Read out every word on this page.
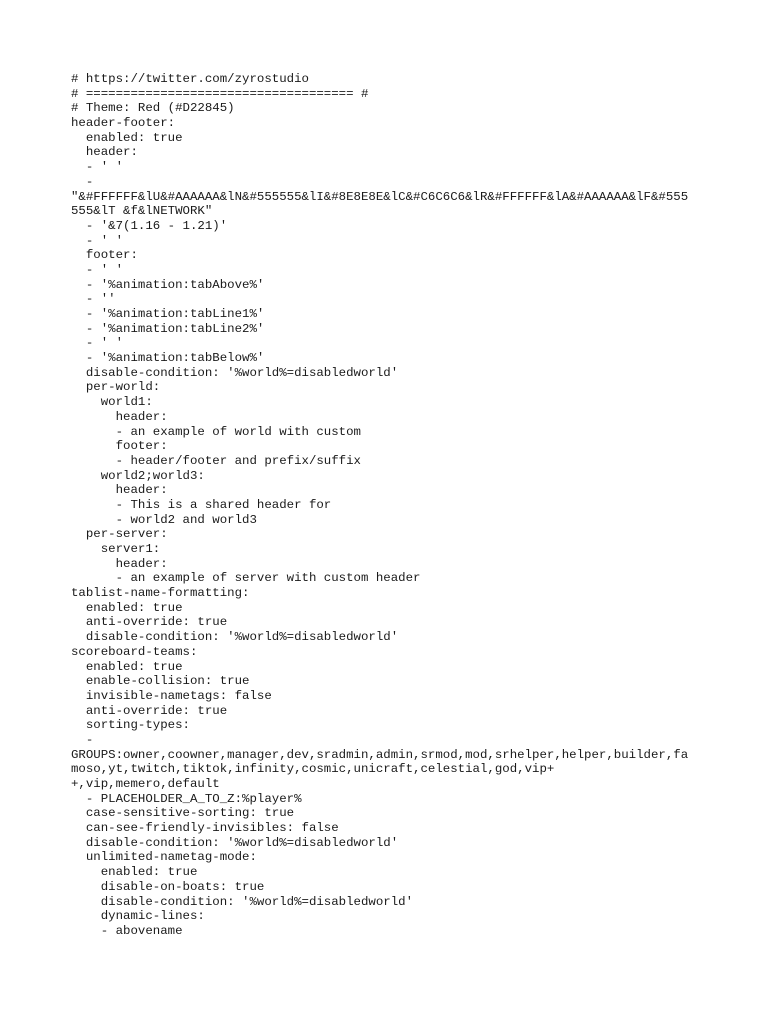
# https://twitter.com/zyrostudio
# ==================================== #
# Theme: Red (#D22845)
header-footer:
enabled: true
header:
- ' '
-
"&#FFFFFF&lU&#AAAAAA&lN&#555555&lI&#8E8E8E&lC&#C6C6C6&lR&#FFFFFF&lA&#AAAAAA&lF&#555
555&lT &f&lNETWORK"
- '&7(1.16 - 1.21)'
- ' '
footer:
- ' '
- '%animation:tabAbove%'
- ''
- '%animation:tabLine1%'
- '%animation:tabLine2%'
- ' '
- '%animation:tabBelow%'
disable-condition: '%world%=disabledworld'
per-world:
world1:
header:
- an example of world with custom
footer:
- header/footer and prefix/suffix
world2;world3:
header:
- This is a shared header for
- world2 and world3
per-server:
server1:
header:
- an example of server with custom header
tablist-name-formatting:
enabled: true
anti-override: true
disable-condition: '%world%=disabledworld'
scoreboard-teams:
enabled: true
enable-collision: true
invisible-nametags: false
anti-override: true
sorting-types:
-
GROUPS:owner,coowner,manager,dev,sradmin,admin,srmod,mod,srhelper,helper,builder,fa
moso,yt,twitch,tiktok,infinity,cosmic,unicraft,celestial,god,vip+
+,vip,memero,default
- PLACEHOLDER_A_TO_Z:%player%
case-sensitive-sorting: true
can-see-friendly-invisibles: false
disable-condition: '%world%=disabledworld'
unlimited-nametag-mode:
enabled: true
disable-on-boats: true
disable-condition: '%world%=disabledworld'
dynamic-lines:
- abovename
